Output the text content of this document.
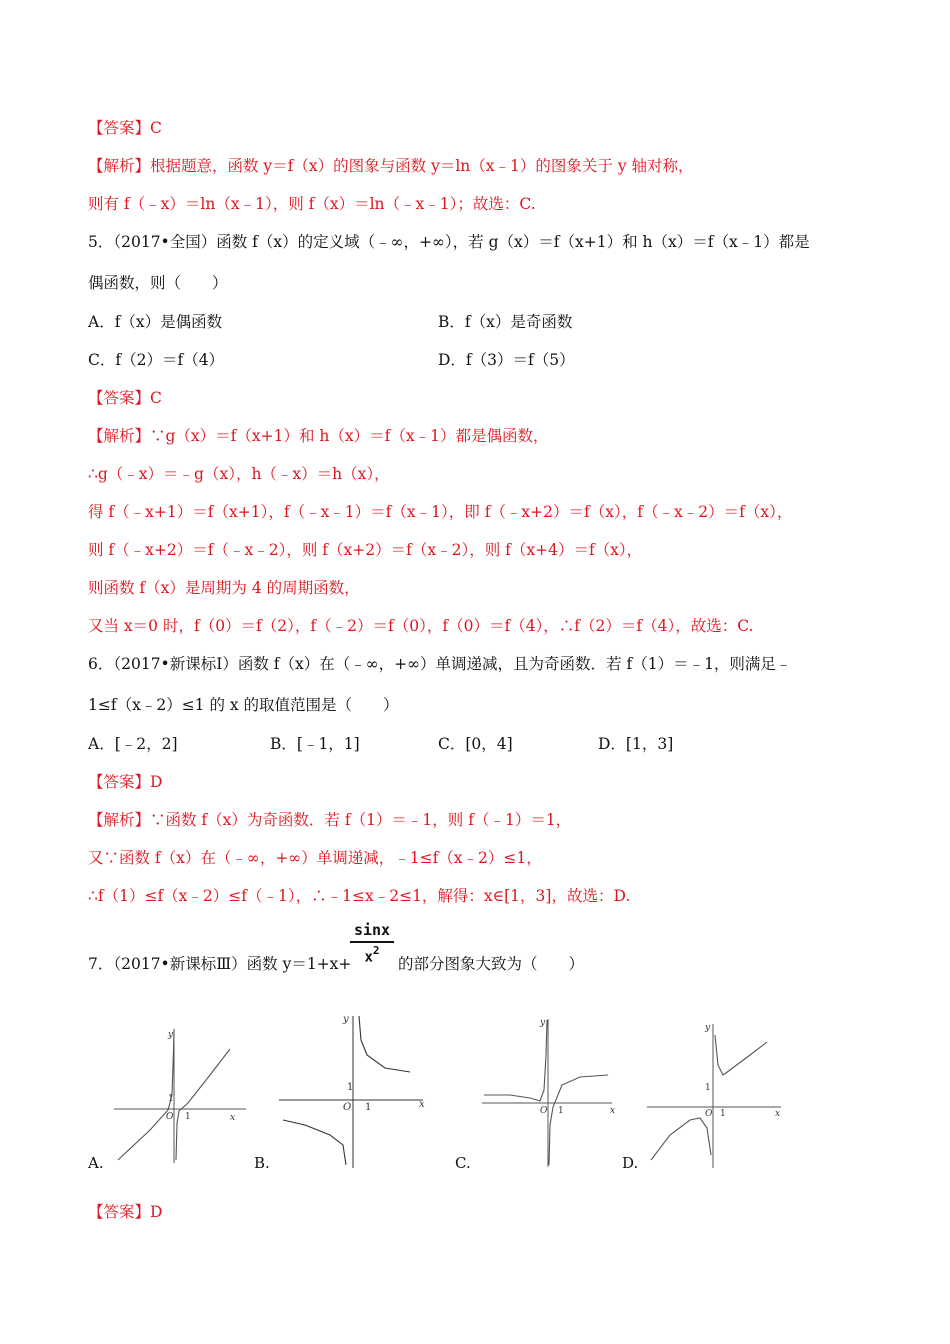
【答案】C
【解析】根据题意，函数 y＝f（x）的图象与函数 y＝ln（x﹣1）的图象关于 y 轴对称，
则有 f（﹣x）＝ln（x﹣1），则 f（x）＝ln（﹣x﹣1）；故选：C.
5．（2017•全国）函数 f（x）的定义域（﹣∞，+∞），若 g（x）＝f（x+1）和 h（x）＝f（x﹣1）都是
偶函数，则（　　）
A．f（x）是偶函数	B．f（x）是奇函数
C．f（2）＝f（4）	D．f（3）＝f（5）
【答案】C
【解析】∵g（x）＝f（x+1）和 h（x）＝f（x﹣1）都是偶函数，
∴g（﹣x）＝﹣g（x），h（﹣x）＝h（x），
得 f（﹣x+1）＝f（x+1），f（﹣x﹣1）＝f（x﹣1），即 f（﹣x+2）＝f（x），f（﹣x﹣2）＝f（x），
则 f（﹣x+2）＝f（﹣x﹣2），则 f（x+2）＝f（x﹣2），则 f（x+4）＝f（x），
则函数 f（x）是周期为 4 的周期函数，
又当 x＝0 时，f（0）＝f（2），f（﹣2）＝f（0），f（0）＝f（4），∴f（2）＝f（4），故选：C.
6．（2017•新课标Ⅰ）函数 f（x）在（﹣∞，+∞）单调递减，且为奇函数．若 f（1）＝﹣1，则满足﹣
1≤f（x﹣2）≤1 的 x 的取值范围是（　　）
A．[﹣2，2]	B．[﹣1，1]	C．[0，4]	D．[1，3]
【答案】D
【解析】∵函数 f（x）为奇函数．若 f（1）＝﹣1，则 f（﹣1）＝1，
又∵函数 f（x）在（﹣∞，+∞）单调递减，﹣1≤f（x﹣2）≤1，
∴f（1）≤f（x﹣2）≤f（﹣1），∴﹣1≤x﹣2≤1，解得：x∈[1，3]，故选：D.
7．（2017•新课标Ⅲ）函数 y＝1+x+
sinx
$x^2$
的部分图象大致为（　　）
x
y
O 1
1
A.
x
y
O 1
1
B.
x
y
O 1
C.
x
y
O 1
1
D.
【答案】D
